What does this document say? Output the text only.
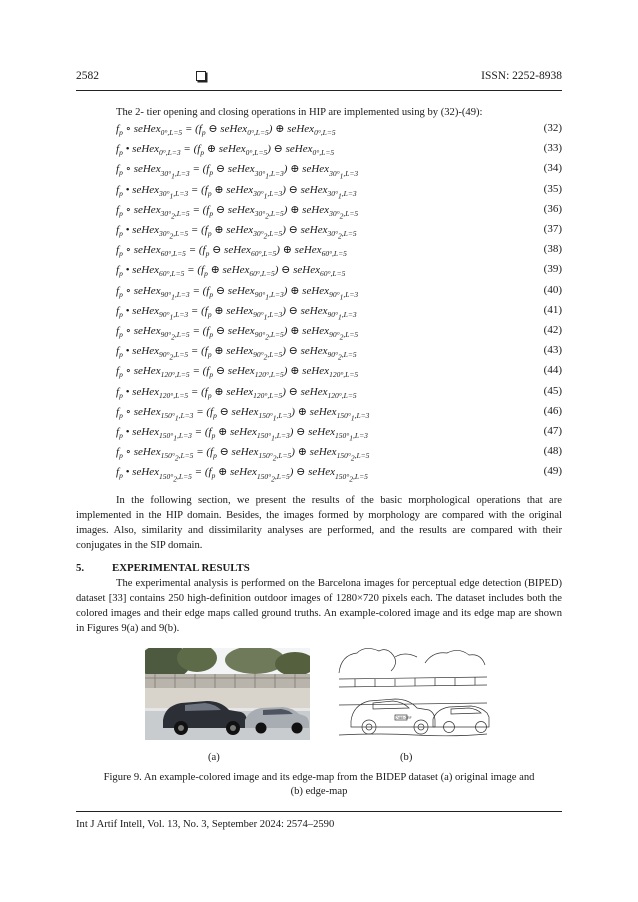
2582	ISSN: 2252-8938
The 2- tier opening and closing operations in HIP are implemented using by (32)-(49):
$f_p$ ∘ seHex$_{0^\circ,L=5}$ = ($f_p$ ⊖ seHex$_{0^\circ,L=5}$) ⊕ seHex$_{0^\circ,L=5}$	(32)
$f_p$ • seHex$_{0^\circ,L=3}$ = ($f_p$ ⊕ seHex$_{0^\circ,L=5}$) ⊖ seHex$_{0^\circ,L=5}$	(33)
$f_p$ ∘ seHex$_{30^\circ_1,L=3}$ = ($f_p$ ⊖ seHex$_{30^\circ_1,L=3}$) ⊕ seHex$_{30^\circ_1,L=3}$	(34)
$f_p$ • seHex$_{30^\circ_1,L=3}$ = ($f_p$ ⊕ seHex$_{30^\circ_1,L=3}$) ⊖ seHex$_{30^\circ_1,L=3}$	(35)
$f_p$ ∘ seHex$_{30^\circ_2,L=5}$ = ($f_p$ ⊖ seHex$_{30^\circ_2,L=5}$) ⊕ seHex$_{30^\circ_2,L=5}$	(36)
$f_p$ • seHex$_{30^\circ_2,L=5}$ = ($f_p$ ⊕ seHex$_{30^\circ_2,L=5}$) ⊖ seHex$_{30^\circ_2,L=5}$	(37)
$f_p$ ∘ seHex$_{60^\circ,L=5}$ = ($f_p$ ⊖ seHex$_{60^\circ,L=5}$) ⊕ seHex$_{60^\circ,L=5}$	(38)
$f_p$ • seHex$_{60^\circ,L=5}$ = ($f_p$ ⊕ seHex$_{60^\circ,L=5}$) ⊖ seHex$_{60^\circ,L=5}$	(39)
$f_p$ ∘ seHex$_{90^\circ_1,L=3}$ = ($f_p$ ⊖ seHex$_{90^\circ_1,L=3}$) ⊕ seHex$_{90^\circ_1,L=3}$	(40)
$f_p$ • seHex$_{90^\circ_1,L=3}$ = ($f_p$ ⊕ seHex$_{90^\circ_1,L=3}$) ⊖ seHex$_{90^\circ_1,L=3}$	(41)
$f_p$ ∘ seHex$_{90^\circ_2,L=5}$ = ($f_p$ ⊖ seHex$_{90^\circ_2,L=5}$) ⊕ seHex$_{90^\circ_2,L=5}$	(42)
$f_p$ • seHex$_{90^\circ_2,L=5}$ = ($f_p$ ⊕ seHex$_{90^\circ_2,L=5}$) ⊖ seHex$_{90^\circ_2,L=5}$	(43)
$f_p$ ∘ seHex$_{120^\circ,L=5}$ = ($f_p$ ⊖ seHex$_{120^\circ,L=5}$) ⊕ seHex$_{120^\circ,L=5}$	(44)
$f_p$ • seHex$_{120^\circ,L=5}$ = ($f_p$ ⊕ seHex$_{120^\circ,L=5}$) ⊖ seHex$_{120^\circ,L=5}$	(45)
$f_p$ ∘ seHex$_{150^\circ_1,L=3}$ = ($f_p$ ⊖ seHex$_{150^\circ_1,L=3}$) ⊕ seHex$_{150^\circ_1,L=3}$	(46)
$f_p$ • seHex$_{150^\circ_1,L=3}$ = ($f_p$ ⊕ seHex$_{150^\circ_1,L=3}$) ⊖ seHex$_{150^\circ_1,L=3}$	(47)
$f_p$ ∘ seHex$_{150^\circ_2,L=5}$ = ($f_p$ ⊖ seHex$_{150^\circ_2,L=5}$) ⊕ seHex$_{150^\circ_2,L=5}$	(48)
$f_p$ • seHex$_{150^\circ_2,L=5}$ = ($f_p$ ⊕ seHex$_{150^\circ_2,L=5}$) ⊖ seHex$_{150^\circ_2,L=5}$	(49)
In the following section, we present the results of the basic morphological operations that are implemented in the HIP domain. Besides, the images formed by morphology are compared with the original images. Also, similarity and dissimilarity analyses are performed, and the results are compared with their conjugates in the SIP domain.
5.	EXPERIMENTAL RESULTS
The experimental analysis is performed on the Barcelona images for perceptual edge detection (BIPED) dataset [33] contains 250 high-definition outdoor images of 1280×720 pixels each. The dataset includes both the colored images and their edge maps called ground truths. An example-colored image and its edge map are shown in Figures 9(a) and 9(b).
7465 GRF
(a)	(b)
Figure 9. An example-colored image and its edge-map from the BIDEP dataset (a) original image and (b) edge-map
Int J Artif Intell, Vol. 13, No. 3, September 2024: 2574–2590
